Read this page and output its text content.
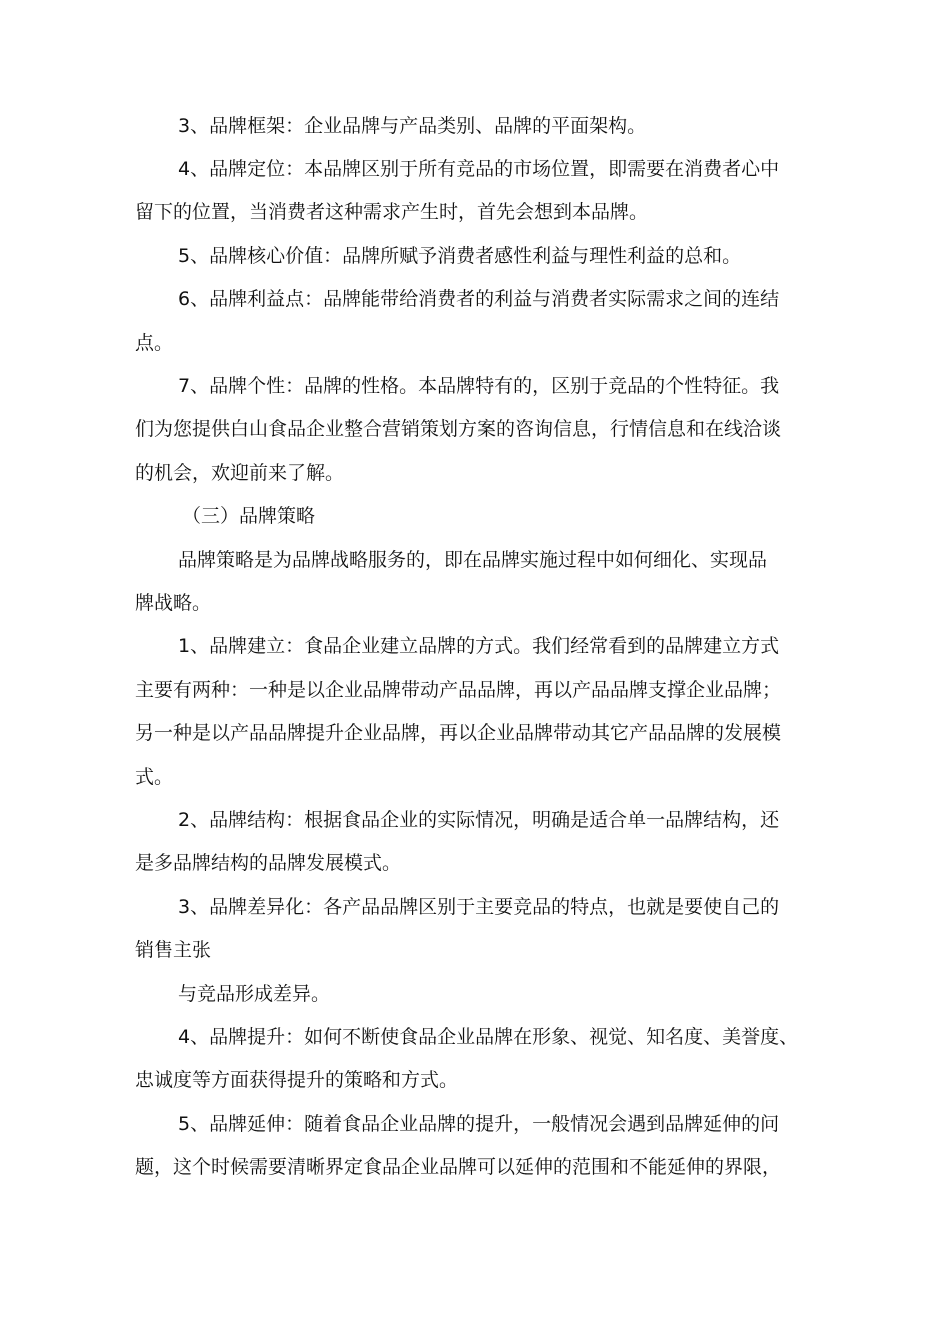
3、品牌框架：企业品牌与产品类别、品牌的平面架构。

4、品牌定位：本品牌区别于所有竞品的市场位置，即需要在消费者心中

留下的位置，当消费者这种需求产生时，首先会想到本品牌。

5、品牌核心价值：品牌所赋予消费者感性利益与理性利益的总和。

6、品牌利益点：品牌能带给消费者的利益与消费者实际需求之间的连结

点。

7、品牌个性：品牌的性格。本品牌特有的，区别于竞品的个性特征。我

们为您提供白山食品企业整合营销策划方案的咨询信息，行情信息和在线洽谈

的机会，欢迎前来了解。

（三）品牌策略

品牌策略是为品牌战略服务的，即在品牌实施过程中如何细化、实现品

牌战略。

1、品牌建立：食品企业建立品牌的方式。我们经常看到的品牌建立方式

主要有两种：一种是以企业品牌带动产品品牌，再以产品品牌支撑企业品牌；

另一种是以产品品牌提升企业品牌，再以企业品牌带动其它产品品牌的发展模

式。

2、品牌结构：根据食品企业的实际情况，明确是适合单一品牌结构，还

是多品牌结构的品牌发展模式。

3、品牌差异化：各产品品牌区别于主要竞品的特点，也就是要使自己的

销售主张

与竞品形成差异。

4、品牌提升：如何不断使食品企业品牌在形象、视觉、知名度、美誉度、

忠诚度等方面获得提升的策略和方式。

5、品牌延伸：随着食品企业品牌的提升，一般情况会遇到品牌延伸的问

题，这个时候需要清晰界定食品企业品牌可以延伸的范围和不能延伸的界限，
